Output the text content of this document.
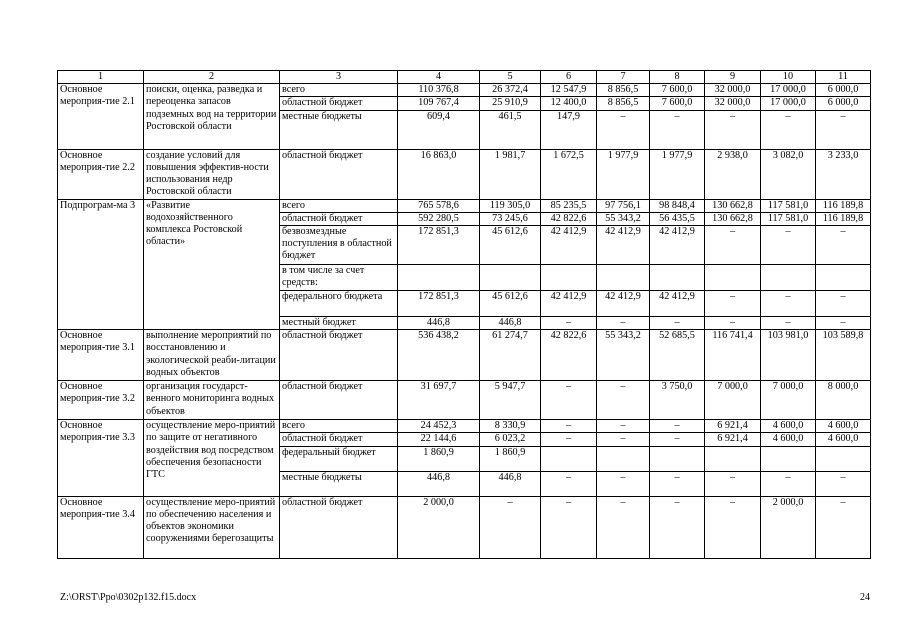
1	2	3	4	5	6	7	8	9	10	11
Основное мероприя-тие 2.1	поиски, оценка, разведка и переоценка запасов подземных вод на территории Ростовской области	всего	110 376,8	26 372,4	12 547,9	8 856,5	7 600,0	32 000,0	17 000,0	6 000,0
		областной бюджет	109 767,4	25 910,9	12 400,0	8 856,5	7 600,0	32 000,0	17 000,0	6 000,0
		местные бюджеты	609,4	461,5	147,9	–	–	–	–	–
Основное мероприя-тие 2.2	создание условий для повышения эффектив-ности использования недр Ростовской области	областной бюджет	16 863,0	1 981,7	1 672,5	1 977,9	1 977,9	2 938,0	3 082,0	3 233,0
Подпрограм-ма 3	«Развитие водохозяйственного комплекса Ростовской области»	всего	765 578,6	119 305,0	85 235,5	97 756,1	98 848,4	130 662,8	117 581,0	116 189,8
		областной бюджет	592 280,5	73 245,6	42 822,6	55 343,2	56 435,5	130 662,8	117 581,0	116 189,8
		безвозмездные поступления в областной бюджет	172 851,3	45 612,6	42 412,9	42 412,9	42 412,9	–	–	–
		в том числе за счет средств:								
		федерального бюджета	172 851,3	45 612,6	42 412,9	42 412,9	42 412,9	–	–	–
		местный бюджет	446,8	446,8	–	–	–	–	–	–
Основное мероприя-тие 3.1	выполнение мероприятий по восстановлению и экологической реаби-литации водных объектов	областной бюджет	536 438,2	61 274,7	42 822,6	55 343,2	52 685,5	116 741,4	103 981,0	103 589,8
Основное мероприя-тие 3.2	организация государст-венного мониторинга водных объектов	областной бюджет	31 697,7	5 947,7	–	–	3 750,0	7 000,0	7 000,0	8 000,0
Основное мероприя-тие 3.3	осуществление меро-приятий по защите от негативного воздействия вод посредством обеспечения безопасности ГТС	всего	24 452,3	8 330,9	–	–	–	6 921,4	4 600,0	4 600,0
		областной бюджет	22 144,6	6 023,2	–	–	–	6 921,4	4 600,0	4 600,0
		федеральный бюджет	1 860,9	1 860,9						
		местные бюджеты	446,8	446,8	–	–	–	–	–	–
Основное мероприя-тие 3.4	осуществление меро-приятий по обеспечению населения и объектов экономики сооружениями берегозащиты	областной бюджет	2 000,0	–	–	–	–	–	2 000,0	–
Z:\ORST\Ppo\0302p132.f15.docx	24
